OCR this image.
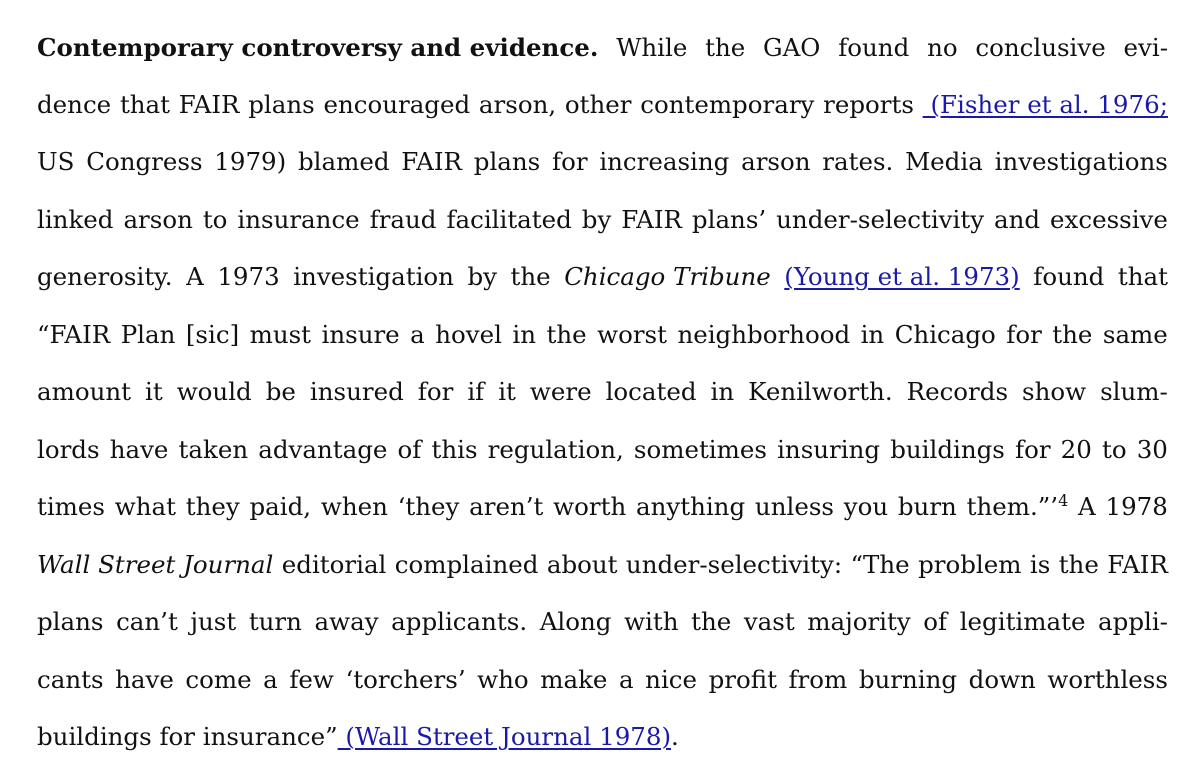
Contemporary controversy and evidence. While the GAO found no conclusive evi-
dence that FAIR plans encouraged arson, other contemporary reports (Fisher et al. 1976;
US Congress 1979) blamed FAIR plans for increasing arson rates. Media investigations
linked arson to insurance fraud facilitated by FAIR plans’ under-selectivity and excessive
generosity. A 1973 investigation by the Chicago Tribune (Young et al. 1973) found that
“FAIR Plan [sic] must insure a hovel in the worst neighborhood in Chicago for the same
amount it would be insured for if it were located in Kenilworth. Records show slum-
lords have taken advantage of this regulation, sometimes insuring buildings for 20 to 30
times what they paid, when ‘they aren’t worth anything unless you burn them.”’$^4$ A 1978
Wall Street Journal editorial complained about under-selectivity: “The problem is the FAIR
plans can’t just turn away applicants. Along with the vast majority of legitimate appli-
cants have come a few ‘torchers’ who make a nice profit from burning down worthless
buildings for insurance” (Wall Street Journal 1978).
